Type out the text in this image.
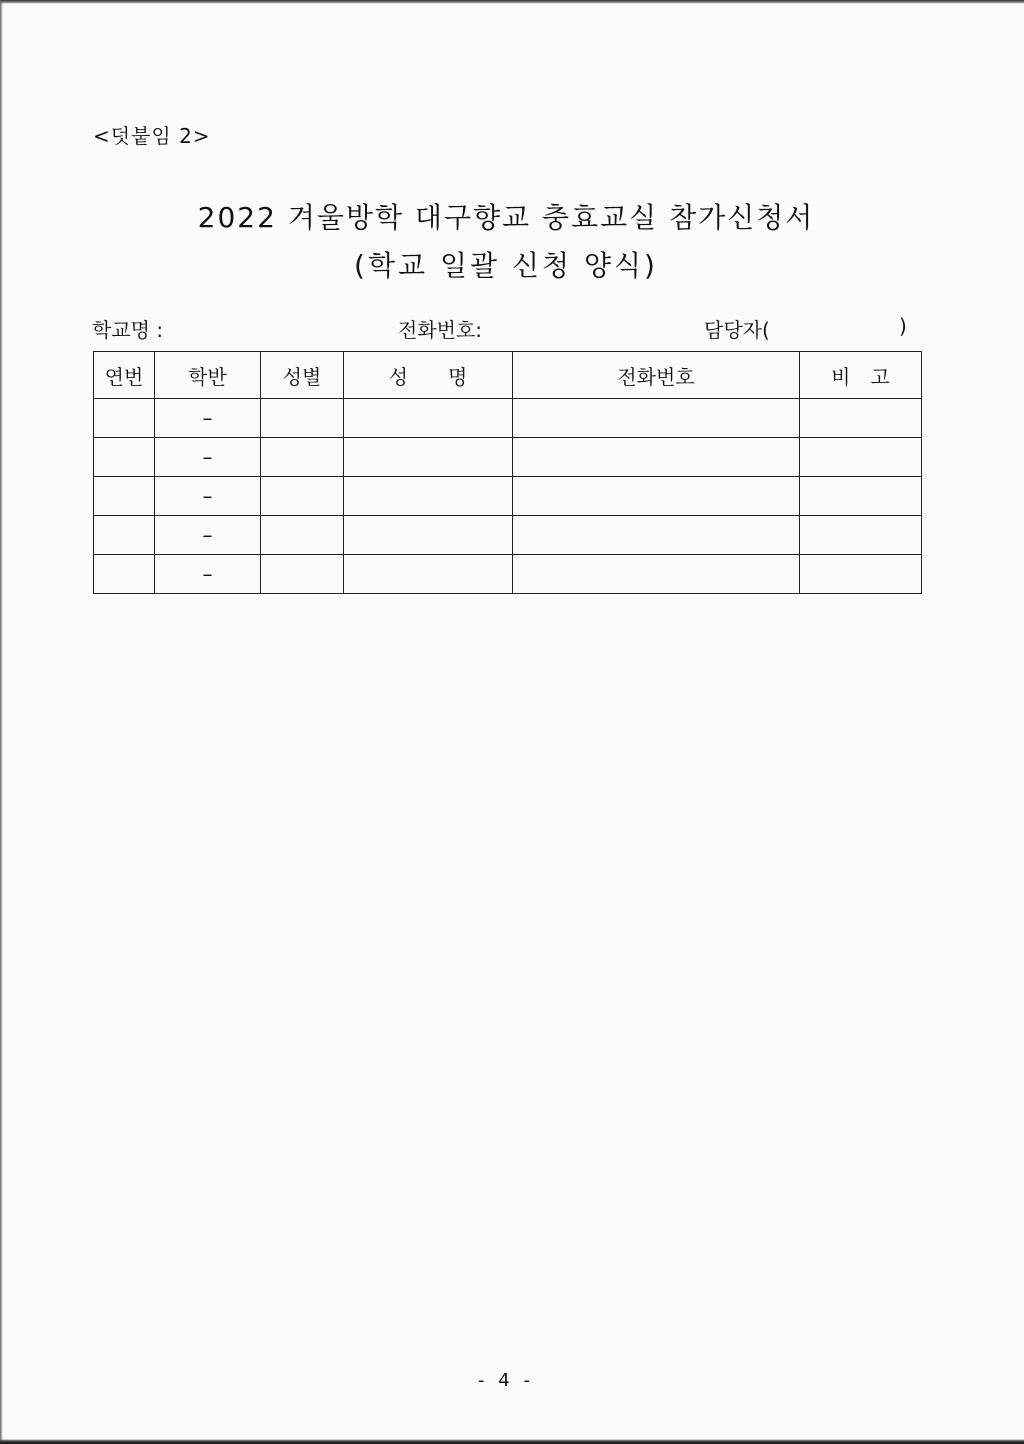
<덧붙임 2>
2022 겨울방학 대구향교 충효교실 참가신청서
(학교 일괄 신청 양식)
학교명 :	전화번호:	담당자(	)
연번	학반	성별	성　　명	전화번호	비　고
	–				
	–				
	–				
	–				
	–				
- 4 -
